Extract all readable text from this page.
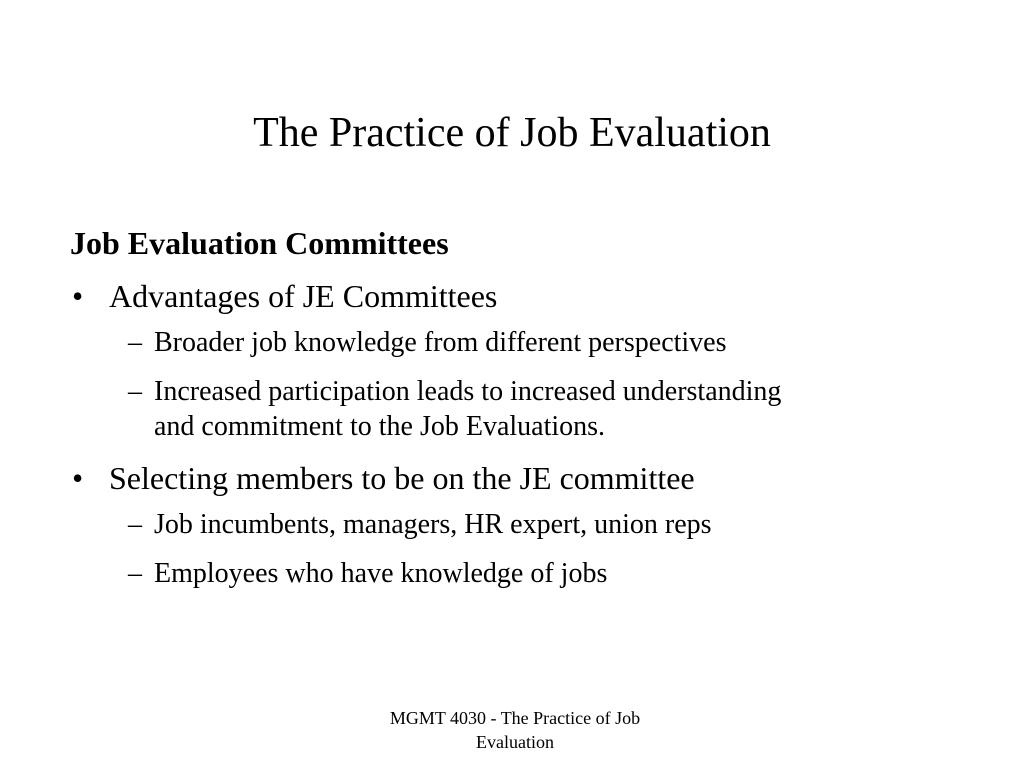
The Practice of Job Evaluation
Job Evaluation Committees
• Advantages of JE Committees
– Broader job knowledge from different perspectives
– Increased participation leads to increased understanding
and commitment to the Job Evaluations.
• Selecting members to be on the JE committee
– Job incumbents, managers, HR expert, union reps
– Employees who have knowledge of jobs
MGMT 4030 - The Practice of Job
Evaluation
